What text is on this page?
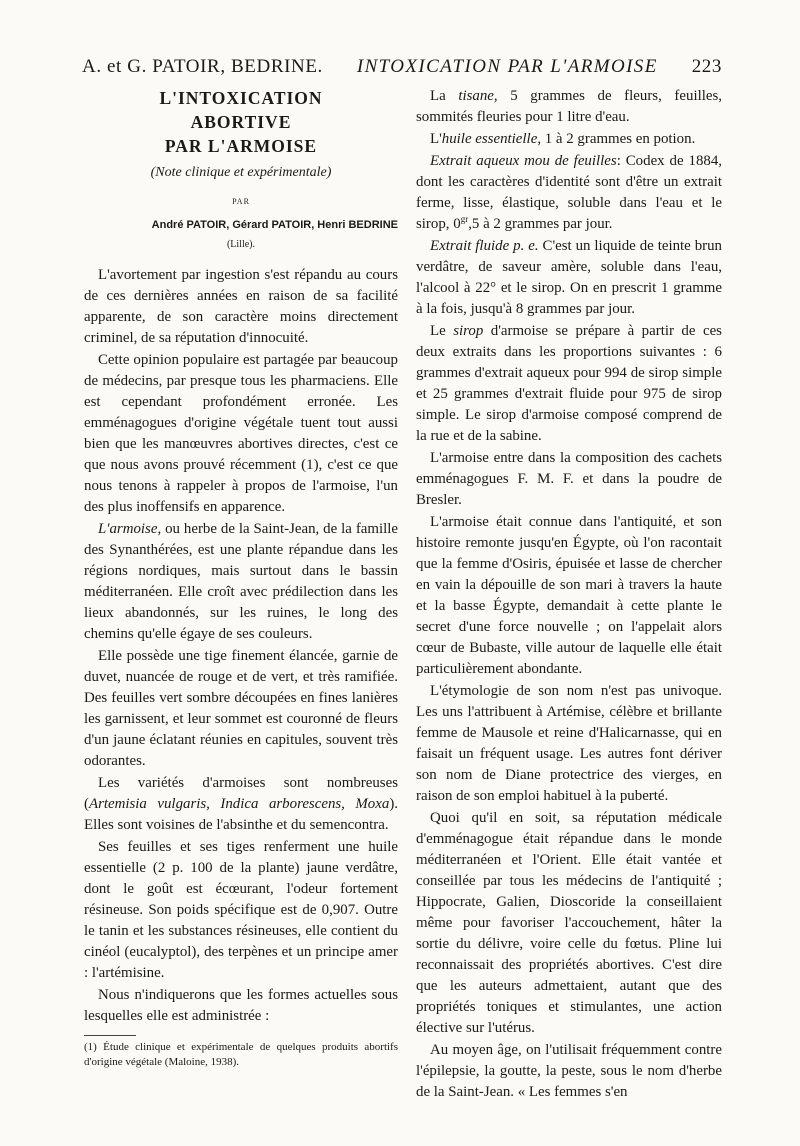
A. et G. PATOIR, BEDRINE. INTOXICATION PAR L'ARMOISE 223
L'INTOXICATION
ABORTIVE
PAR L'ARMOISE
(Note clinique et expérimentale)
PAR
André PATOIR, Gérard PATOIR, Henri BEDRINE
(Lille).

L'avortement par ingestion s'est répandu au cours de ces dernières années en raison de sa facilité apparente, de son caractère moins directement criminel, de sa réputation d'innocuité.

Cette opinion populaire est partagée par beaucoup de médecins, par presque tous les pharmaciens. Elle est cependant profondément erronée. Les emménagogues d'origine végétale tuent tout aussi bien que les manœuvres abortives directes, c'est ce que nous avons prouvé récemment (1), c'est ce que nous tenons à rappeler à propos de l'armoise, l'un des plus inoffensifs en apparence.

L'armoise, ou herbe de la Saint-Jean, de la famille des Synanthérées, est une plante répandue dans les régions nordiques, mais surtout dans le bassin méditerranéen. Elle croît avec prédilection dans les lieux abandonnés, sur les ruines, le long des chemins qu'elle égaye de ses couleurs.

Elle possède une tige finement élancée, garnie de duvet, nuancée de rouge et de vert, et très ramifiée. Des feuilles vert sombre découpées en fines lanières les garnissent, et leur sommet est couronné de fleurs d'un jaune éclatant réunies en capitules, souvent très odorantes.

Les variétés d'armoises sont nombreuses (Artemisia vulgaris, Indica arborescens, Moxa). Elles sont voisines de l'absinthe et du semencontra.

Ses feuilles et ses tiges renferment une huile essentielle (2 p. 100 de la plante) jaune verdâtre, dont le goût est écœurant, l'odeur fortement résineuse. Son poids spécifique est de 0,907. Outre le tanin et les substances résineuses, elle contient du cinéol (eucalyptol), des terpènes et un principe amer : l'artémisine.

Nous n'indiquerons que les formes actuelles sous lesquelles elle est administrée :

(1) Étude clinique et expérimentale de quelques produits abortifs d'origine végétale (Maloine, 1938).

La tisane, 5 grammes de fleurs, feuilles, sommités fleuries pour 1 litre d'eau.

L'huile essentielle, 1 à 2 grammes en potion.

Extrait aqueux mou de feuilles: Codex de 1884, dont les caractères d'identité sont d'être un extrait ferme, lisse, élastique, soluble dans l'eau et le sirop, $0^{gr},5$ à 2 grammes par jour.

Extrait fluide p. e. C'est un liquide de teinte brun verdâtre, de saveur amère, soluble dans l'eau, l'alcool à 22° et le sirop. On en prescrit 1 gramme à la fois, jusqu'à 8 grammes par jour.

Le sirop d'armoise se prépare à partir de ces deux extraits dans les proportions suivantes : 6 grammes d'extrait aqueux pour 994 de sirop simple et 25 grammes d'extrait fluide pour 975 de sirop simple. Le sirop d'armoise composé comprend de la rue et de la sabine.

L'armoise entre dans la composition des cachets emménagogues F. M. F. et dans la poudre de Bresler.

L'armoise était connue dans l'antiquité, et son histoire remonte jusqu'en Égypte, où l'on racontait que la femme d'Osiris, épuisée et lasse de chercher en vain la dépouille de son mari à travers la haute et la basse Égypte, demandait à cette plante le secret d'une force nouvelle ; on l'appelait alors cœur de Bubaste, ville autour de laquelle elle était particulièrement abondante.

L'étymologie de son nom n'est pas univoque. Les uns l'attribuent à Artémise, célèbre et brillante femme de Mausole et reine d'Halicarnasse, qui en faisait un fréquent usage. Les autres font dériver son nom de Diane protectrice des vierges, en raison de son emploi habituel à la puberté.

Quoi qu'il en soit, sa réputation médicale d'emménagogue était répandue dans le monde méditerranéen et l'Orient. Elle était vantée et conseillée par tous les médecins de l'antiquité ; Hippocrate, Galien, Dioscoride la conseillaient même pour favoriser l'accouchement, hâter la sortie du délivre, voire celle du fœtus. Pline lui reconnaissait des propriétés abortives. C'est dire que les auteurs admettaient, autant que des propriétés toniques et stimulantes, une action élective sur l'utérus.

Au moyen âge, on l'utilisait fréquemment contre l'épilepsie, la goutte, la peste, sous le nom d'herbe de la Saint-Jean. « Les femmes s'en
